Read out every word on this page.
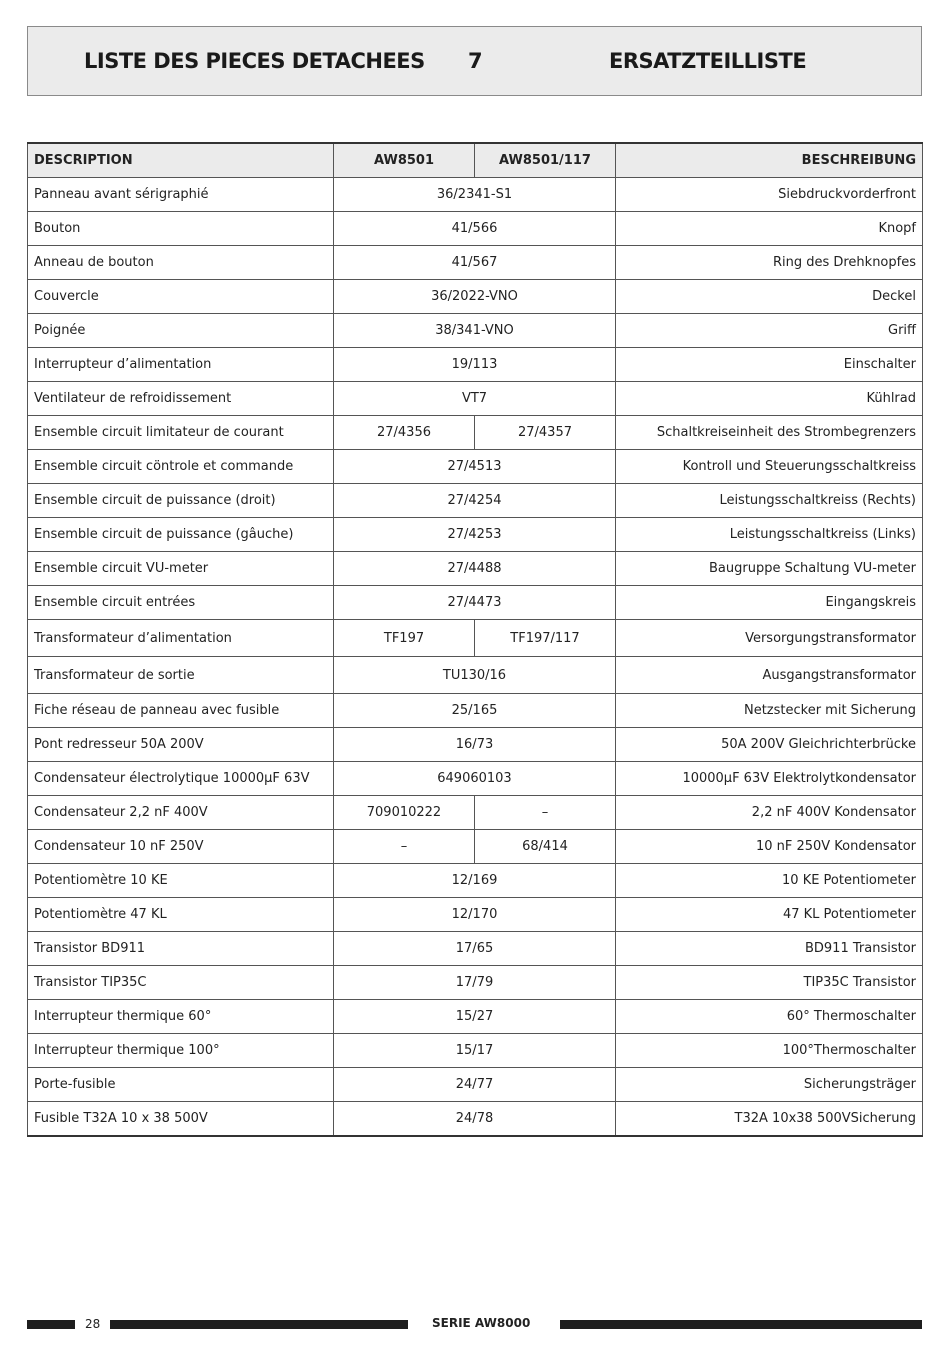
LISTE DES PIECES DETACHEES 7	ERSATZTEILLISTE
DESCRIPTION	AW8501	AW8501/117	BESCHREIBUNG
Panneau avant sérigraphié	36/2341-S1		Siebdruckvorderfront
Bouton	41/566		Knopf
Anneau de bouton	41/567		Ring des Drehknopfes
Couvercle	36/2022-VNO		Deckel
Poignée	38/341-VNO		Griff
Interrupteur d’alimentation	19/113		Einschalter
Ventilateur de refroidissement	VT7		Kühlrad
Ensemble circuit limitateur de courant	27/4356	27/4357	Schaltkreiseinheit des Strombegrenzers
Ensemble circuit cöntrole et commande	27/4513		Kontroll und Steuerungsschaltkreiss
Ensemble circuit de puissance (droit)	27/4254		Leistungsschaltkreiss (Rechts)
Ensemble circuit de puissance (gâuche)	27/4253		Leistungsschaltkreiss (Links)
Ensemble circuit VU-meter	27/4488		Baugruppe Schaltung VU-meter
Ensemble circuit entrées	27/4473		Eingangskreis
Transformateur d’alimentation	TF197	TF197/117	Versorgungstransformator
Transformateur de sortie	TU130/16		Ausgangstransformator
Fiche réseau de panneau avec fusible	25/165		Netzstecker mit Sicherung
Pont redresseur 50A 200V	16/73		50A 200V Gleichrichterbrücke
Condensateur électrolytique 10000µF 63V	649060103		10000µF 63V Elektrolytkondensator
Condensateur 2,2 nF 400V	709010222	–	2,2 nF 400V Kondensator
Condensateur 10 nF 250V	–	68/414	10 nF 250V Kondensator
Potentiomètre 10 KE	12/169		10 KE Potentiometer
Potentiomètre 47 KL	12/170		47 KL Potentiometer
Transistor BD911	17/65		BD911 Transistor
Transistor TIP35C	17/79		TIP35C Transistor
Interrupteur thermique 60°	15/27		60° Thermoschalter
Interrupteur thermique 100°	15/17		100°Thermoschalter
Porte-fusible	24/77		Sicherungsträger
Fusible T32A 10 x 38 500V	24/78		T32A 10x38 500VSicherung
28	SERIE AW8000
